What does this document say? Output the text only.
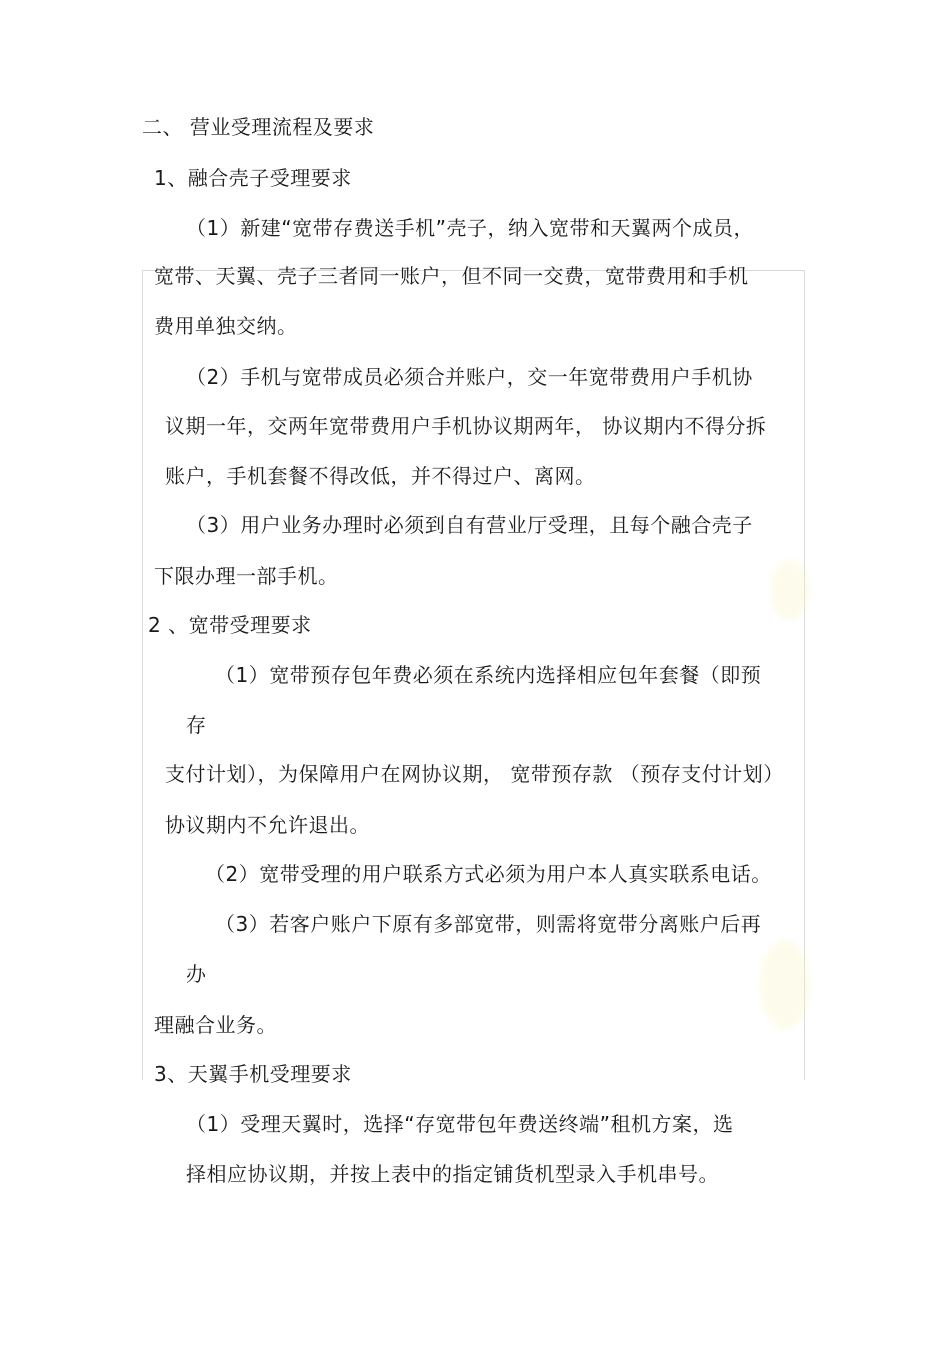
二、 营业受理流程及要求
1、融合壳子受理要求
（1）新建“宽带存费送手机”壳子，纳入宽带和天翼两个成员，
宽带、天翼、壳子三者同一账户，但不同一交费，宽带费用和手机
费用单独交纳。
（2）手机与宽带成员必须合并账户，交一年宽带费用户手机协
议期一年，交两年宽带费用户手机协议期两年， 协议期内不得分拆
账户，手机套餐不得改低，并不得过户、离网。
（3）用户业务办理时必须到自有营业厅受理，且每个融合壳子
下限办理一部手机。
2 、宽带受理要求
（1）宽带预存包年费必须在系统内选择相应包年套餐（即预
存
支付计划），为保障用户在网协议期， 宽带预存款 （预存支付计划）
协议期内不允许退出。
（2）宽带受理的用户联系方式必须为用户本人真实联系电话。
（3）若客户账户下原有多部宽带，则需将宽带分离账户后再
办
理融合业务。
3、天翼手机受理要求
（1）受理天翼时，选择“存宽带包年费送终端”租机方案，选
择相应协议期，并按上表中的指定铺货机型录入手机串号。
